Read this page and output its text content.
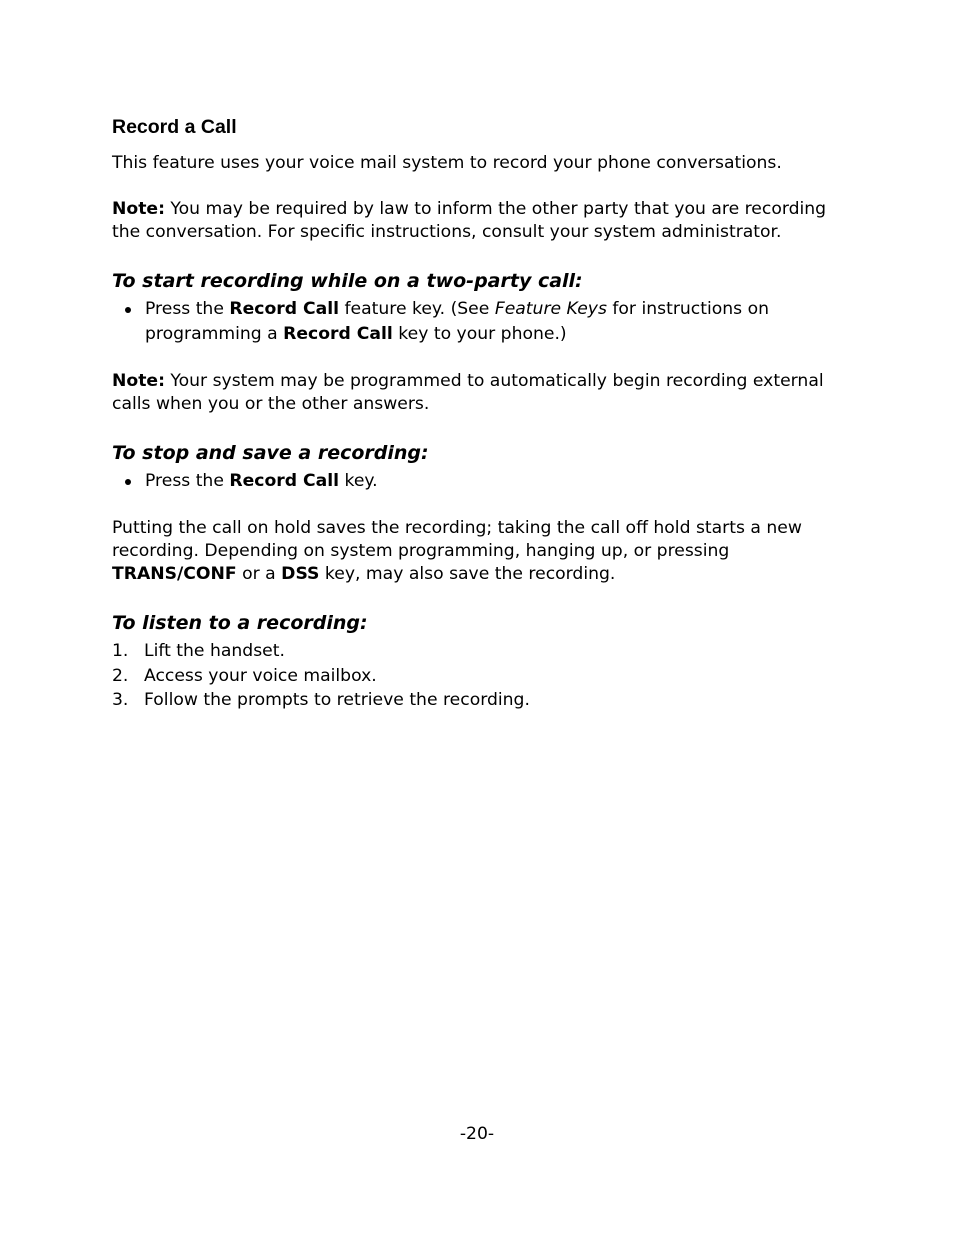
Record a Call

This feature uses your voice mail system to record your phone conversations.

Note: You may be required by law to inform the other party that you are recording the conversation. For specific instructions, consult your system administrator.

To start recording while on a two-party call:
Press the Record Call feature key. (See Feature Keys for instructions on programming a Record Call key to your phone.)

Note: Your system may be programmed to automatically begin recording external calls when you or the other answers.

To stop and save a recording:
Press the Record Call key.

Putting the call on hold saves the recording; taking the call off hold starts a new recording. Depending on system programming, hanging up, or pressing TRANS/CONF or a DSS key, may also save the recording.

To listen to a recording:
1. Lift the handset.
2. Access your voice mailbox.
3. Follow the prompts to retrieve the recording.
-20-
